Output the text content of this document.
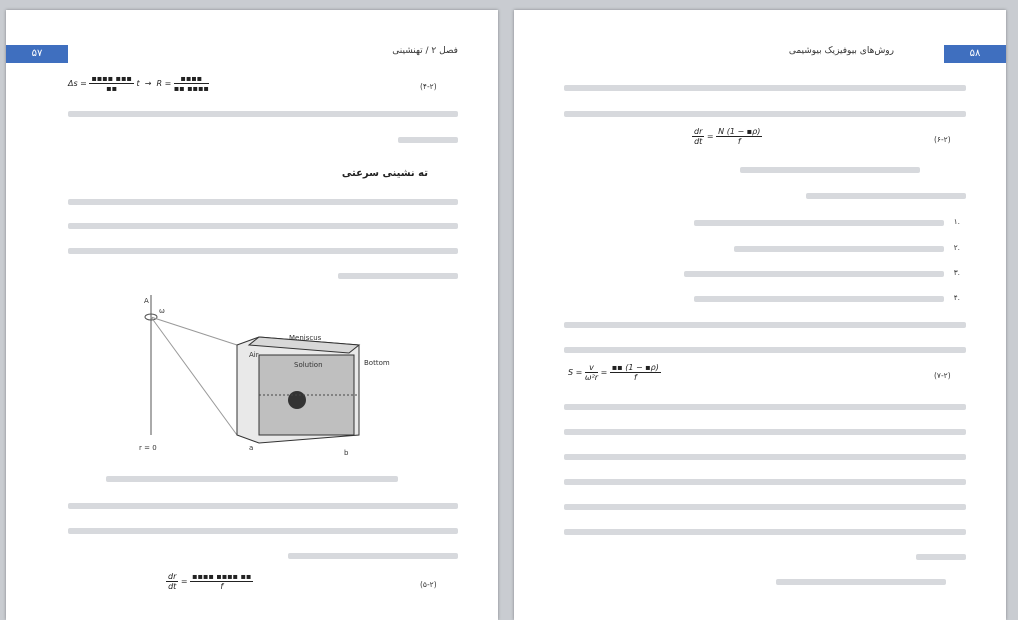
۵۷	فصل ۲ / تهنشینی
$\Delta s = \frac{▪▪▪▪ ▪▪▪}{▪▪}$ $t \to R = \frac{▪▪▪▪}{▪▪ ▪▪▪▪}$	(۴-۲)
ته نشینی سرعتی
Meniscus
Air
Solution	Bottom
r = 0	a
b
A
ω
$\frac{dr}{dt} = \frac{▪▪▪▪ ▪▪▪▪ ▪▪}{f}$	(۵-۲)
۵۸
روش‌های بیوفیزیک بیوشیمی
$\frac{dr}{dt} = \frac{N (1 - ▪\rho)}{f}$	(۶-۲)
۱.
۲.
۳.
۴.
$S = \frac{v}{\text{ω²r}} = \frac{▪▪ (1 - ▪\rho)}{f}$	(۷-۲)
